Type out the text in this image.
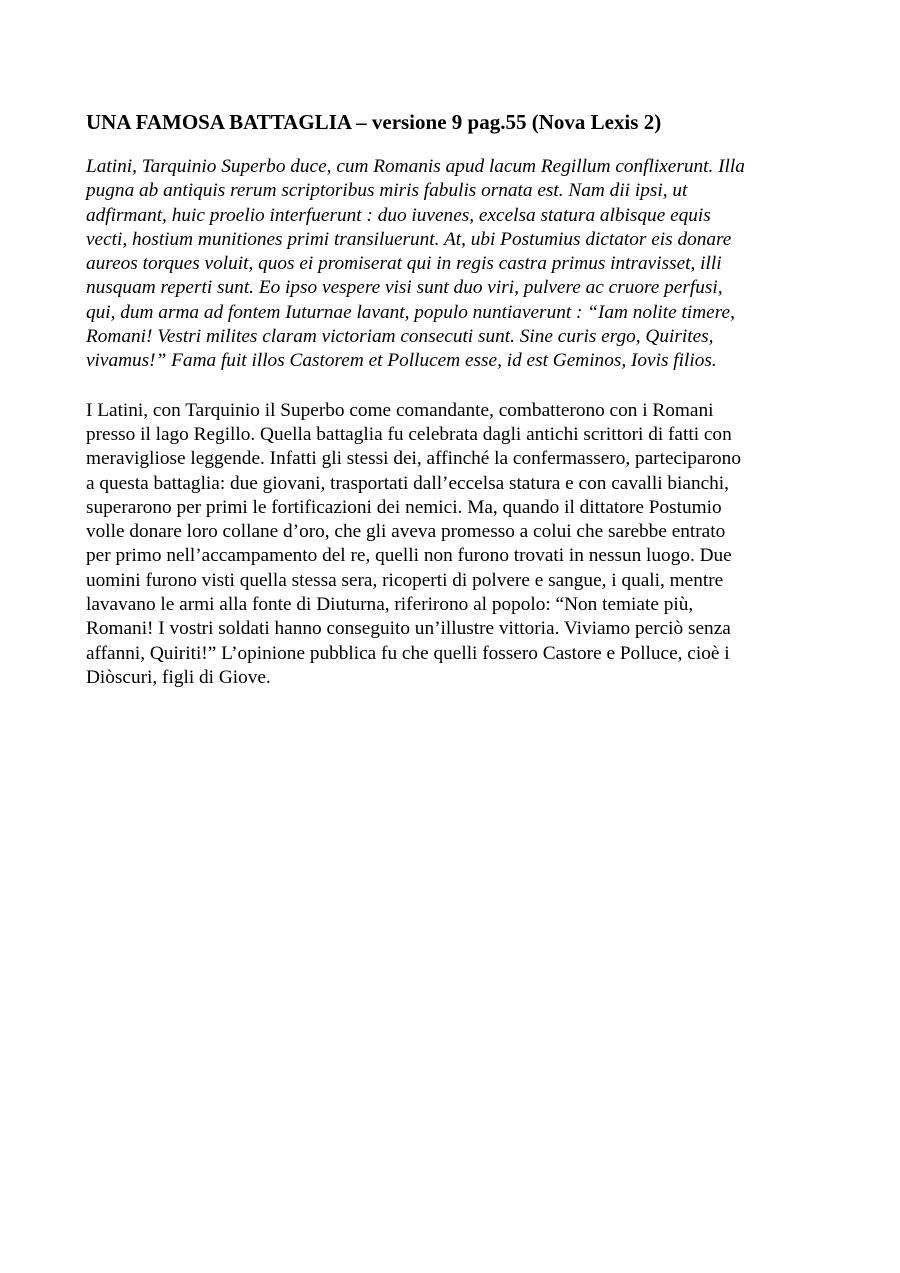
UNA FAMOSA BATTAGLIA – versione 9 pag.55 (Nova Lexis 2)

Latini, Tarquinio Superbo duce, cum Romanis apud lacum Regillum conflixerunt. Illa
pugna ab antiquis rerum scriptoribus miris fabulis ornata est. Nam dii ipsi, ut
adfirmant, huic proelio interfuerunt : duo iuvenes, excelsa statura albisque equis
vecti, hostium munitiones primi transiluerunt. At, ubi Postumius dictator eis donare
aureos torques voluit, quos ei promiserat qui in regis castra primus intravisset, illi
nusquam reperti sunt. Eo ipso vespere visi sunt duo viri, pulvere ac cruore perfusi,
qui, dum arma ad fontem Iuturnae lavant, populo nuntiaverunt : “Iam nolite timere,
Romani! Vestri milites claram victoriam consecuti sunt. Sine curis ergo, Quirites,
vivamus!” Fama fuit illos Castorem et Pollucem esse, id est Geminos, Iovis filios.

I Latini, con Tarquinio il Superbo come comandante, combatterono con i Romani
presso il lago Regillo. Quella battaglia fu celebrata dagli antichi scrittori di fatti con
meravigliose leggende. Infatti gli stessi dei, affinché la confermassero, parteciparono
a questa battaglia: due giovani, trasportati dall’eccelsa statura e con cavalli bianchi,
superarono per primi le fortificazioni dei nemici. Ma, quando il dittatore Postumio
volle donare loro collane d’oro, che gli aveva promesso a colui che sarebbe entrato
per primo nell’accampamento del re, quelli non furono trovati in nessun luogo. Due
uomini furono visti quella stessa sera, ricoperti di polvere e sangue, i quali, mentre
lavavano le armi alla fonte di Diuturna, riferirono al popolo: “Non temiate più,
Romani! I vostri soldati hanno conseguito un’illustre vittoria. Viviamo perciò senza
affanni, Quiriti!” L’opinione pubblica fu che quelli fossero Castore e Polluce, cioè i
Diòscuri, figli di Giove.
